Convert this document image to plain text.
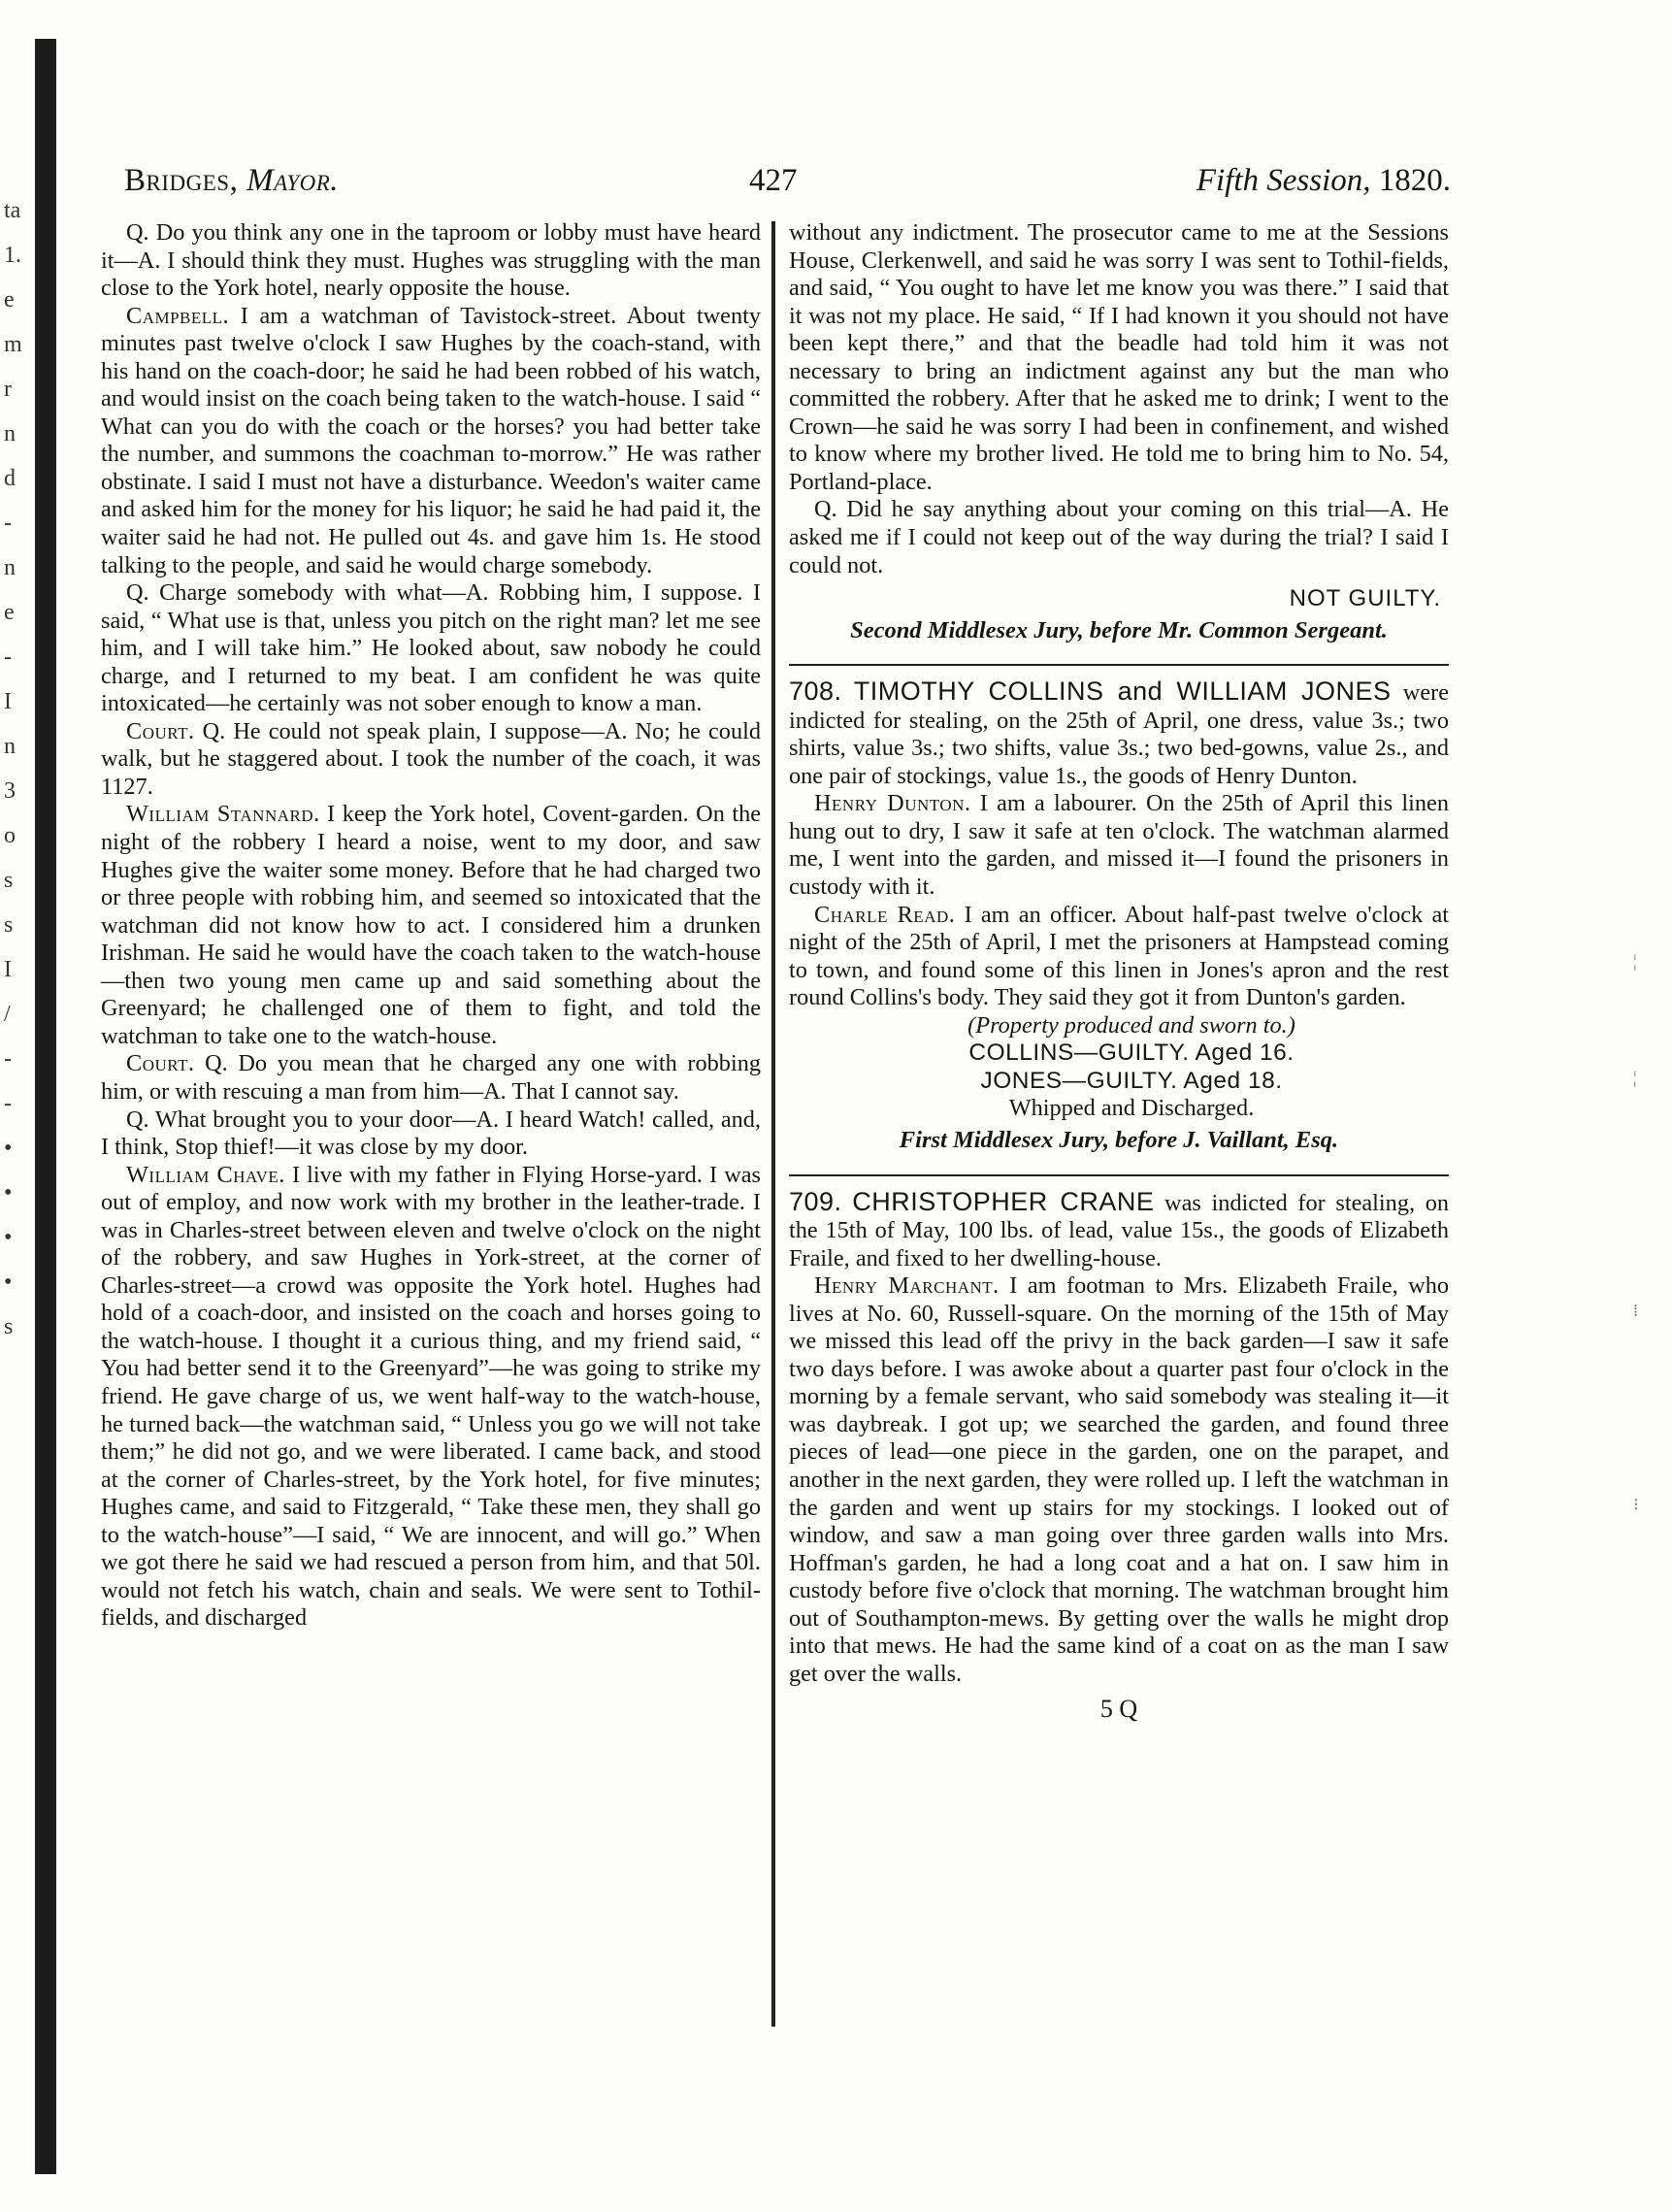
ta
1.
e
m
r
n
d
-
n
e
-
I
n
3
o
s
s
I
/
-
-
•
•
•
•
s
¦
¦
⁞
⁝
Bridges, Mayor.	427	Fifth Session, 1820.

Q. Do you think any one in the taproom or lobby must have heard it—A. I should think they must. Hughes was struggling with the man close to the York hotel, nearly opposite the house.

Campbell. I am a watchman of Tavistock-street. About twenty minutes past twelve o'clock I saw Hughes by the coach-stand, with his hand on the coach-door; he said he had been robbed of his watch, and would insist on the coach being taken to the watch-house. I said “ What can you do with the coach or the horses? you had better take the number, and summons the coachman to-morrow.” He was rather obstinate. I said I must not have a disturbance. Weedon's waiter came and asked him for the money for his liquor; he said he had paid it, the waiter said he had not. He pulled out 4s. and gave him 1s. He stood talking to the people, and said he would charge somebody.

Q. Charge somebody with what—A. Robbing him, I suppose. I said, “ What use is that, unless you pitch on the right man? let me see him, and I will take him.” He looked about, saw nobody he could charge, and I returned to my beat. I am confident he was quite intoxicated—he certainly was not sober enough to know a man.

Court. Q. He could not speak plain, I suppose—A. No; he could walk, but he staggered about. I took the number of the coach, it was 1127.

William Stannard. I keep the York hotel, Covent-garden. On the night of the robbery I heard a noise, went to my door, and saw Hughes give the waiter some money. Before that he had charged two or three people with robbing him, and seemed so intoxicated that the watchman did not know how to act. I considered him a drunken Irishman. He said he would have the coach taken to the watch-house—then two young men came up and said something about the Greenyard; he challenged one of them to fight, and told the watchman to take one to the watch-house.

Court. Q. Do you mean that he charged any one with robbing him, or with rescuing a man from him—A. That I cannot say.

Q. What brought you to your door—A. I heard Watch! called, and, I think, Stop thief!—it was close by my door.

William Chave. I live with my father in Flying Horse-yard. I was out of employ, and now work with my brother in the leather-trade. I was in Charles-street between eleven and twelve o'clock on the night of the robbery, and saw Hughes in York-street, at the corner of Charles-street—a crowd was opposite the York hotel. Hughes had hold of a coach-door, and insisted on the coach and horses going to the watch-house. I thought it a curious thing, and my friend said, “ You had better send it to the Greenyard”—he was going to strike my friend. He gave charge of us, we went half-way to the watch-house, he turned back—the watchman said, “ Unless you go we will not take them;” he did not go, and we were liberated. I came back, and stood at the corner of Charles-street, by the York hotel, for five minutes; Hughes came, and said to Fitzgerald, “ Take these men, they shall go to the watch-house”—I said, “ We are innocent, and will go.” When we got there he said we had rescued a person from him, and that 50l. would not fetch his watch, chain and seals. We were sent to Tothil-fields, and discharged

without any indictment. The prosecutor came to me at the Sessions House, Clerkenwell, and said he was sorry I was sent to Tothil-fields, and said, “ You ought to have let me know you was there.” I said that it was not my place. He said, “ If I had known it you should not have been kept there,” and that the beadle had told him it was not necessary to bring an indictment against any but the man who committed the robbery. After that he asked me to drink; I went to the Crown—he said he was sorry I had been in confinement, and wished to know where my brother lived. He told me to bring him to No. 54, Portland-place.

Q. Did he say anything about your coming on this trial—A. He asked me if I could not keep out of the way during the trial? I said I could not.

NOT GUILTY.
Second Middlesex Jury, before Mr. Common Sergeant.

708. TIMOTHY COLLINS and WILLIAM JONES were indicted for stealing, on the 25th of April, one dress, value 3s.; two shirts, value 3s.; two shifts, value 3s.; two bed-gowns, value 2s., and one pair of stockings, value 1s., the goods of Henry Dunton.

Henry Dunton. I am a labourer. On the 25th of April this linen hung out to dry, I saw it safe at ten o'clock. The watchman alarmed me, I went into the garden, and missed it—I found the prisoners in custody with it.

Charle Read. I am an officer. About half-past twelve o'clock at night of the 25th of April, I met the prisoners at Hampstead coming to town, and found some of this linen in Jones's apron and the rest round Collins's body. They said they got it from Dunton's garden.

(Property produced and sworn to.)

COLLINS—GUILTY. Aged 16.

JONES—GUILTY. Aged 18.

Whipped and Discharged.

First Middlesex Jury, before J. Vaillant, Esq.

709. CHRISTOPHER CRANE was indicted for stealing, on the 15th of May, 100 lbs. of lead, value 15s., the goods of Elizabeth Fraile, and fixed to her dwelling-house.

Henry Marchant. I am footman to Mrs. Elizabeth Fraile, who lives at No. 60, Russell-square. On the morning of the 15th of May we missed this lead off the privy in the back garden—I saw it safe two days before. I was awoke about a quarter past four o'clock in the morning by a female servant, who said somebody was stealing it—it was daybreak. I got up; we searched the garden, and found three pieces of lead—one piece in the garden, one on the parapet, and another in the next garden, they were rolled up. I left the watchman in the garden and went up stairs for my stockings. I looked out of window, and saw a man going over three garden walls into Mrs. Hoffman's garden, he had a long coat and a hat on. I saw him in custody before five o'clock that morning. The watchman brought him out of Southampton-mews. By getting over the walls he might drop into that mews. He had the same kind of a coat on as the man I saw get over the walls.

5 Q
